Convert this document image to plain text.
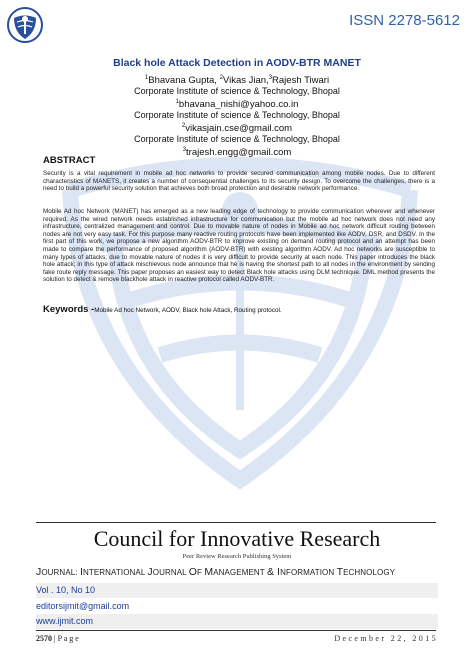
ISSN 2278-5612
Black hole Attack Detection in AODV-BTR MANET
$^1$Bhavana Gupta, $^2$Vikas Jian,$^3$Rajesh Tiwari
Corporate Institute of science & Technology, Bhopal
$^1$bhavana_nishi@yahoo.co.in
Corporate Institute of science & Technology, Bhopal
$^2$vikasjain.cse@gmail.com
Corporate Institute of science & Technology, Bhopal
$^3$trajesh.engg@gmail.com
ABSTRACT
Security is a vital requirement in mobile ad hoc networks to provide secured communication among mobile nodes. Due to different characteristics of MANETS, it creates a number of consequential challenges to its security design. To overcome the challenges, there is a need to build a powerful security solution that achieves both broad protection and desirable network performance.
Mobile Ad hoc Network (MANET) has emerged as a new leading edge of technology to provide communication wherever and whenever required. As the wired network needs established infrastructure for communication but the mobile ad hoc network does not need any infrastructure, centralized management and control. Due to movable nature of nodes in Mobile ad hoc network difficult routing between nodes are not very easy task. For this purpose many reactive routing protocols have been implemented like AODV, DSR, and DSDV. In the first part of this work, we propose a new algorithm AODV-BTR to improve existing on demand routing protocol and an attempt has been made to compare the performance of proposed algorithm (AODV-BTR) with existing algorithm AODV. Ad hoc networks are susceptible to many types of attacks; due to movable nature of nodes it is very difficult to provide security at each node. This paper introduces the black hole attack; in this type of attack mischievous node announce that he is having the shortest path to all nodes in the environment by sending fake route reply message. This paper proposes an easiest way to detect Black hole attacks using DLM technique. DML method presents the solution to detect & remove blackhole attack in reactive protocol called AODV-BTR.
Keywords -Mobile Ad hoc Network, AODV, Black hole Attack, Routing protocol.
Council for Innovative Research
Peer Review Research Publishing System
JOURNAL: INTERNATIONAL JOURNAL OF MANAGEMENT & INFORMATION TECHNOLOGY
Vol . 10, No 10
editorsijmit@gmail.com
www.ijmit.com
2570 | P a g e	December 22, 2015
